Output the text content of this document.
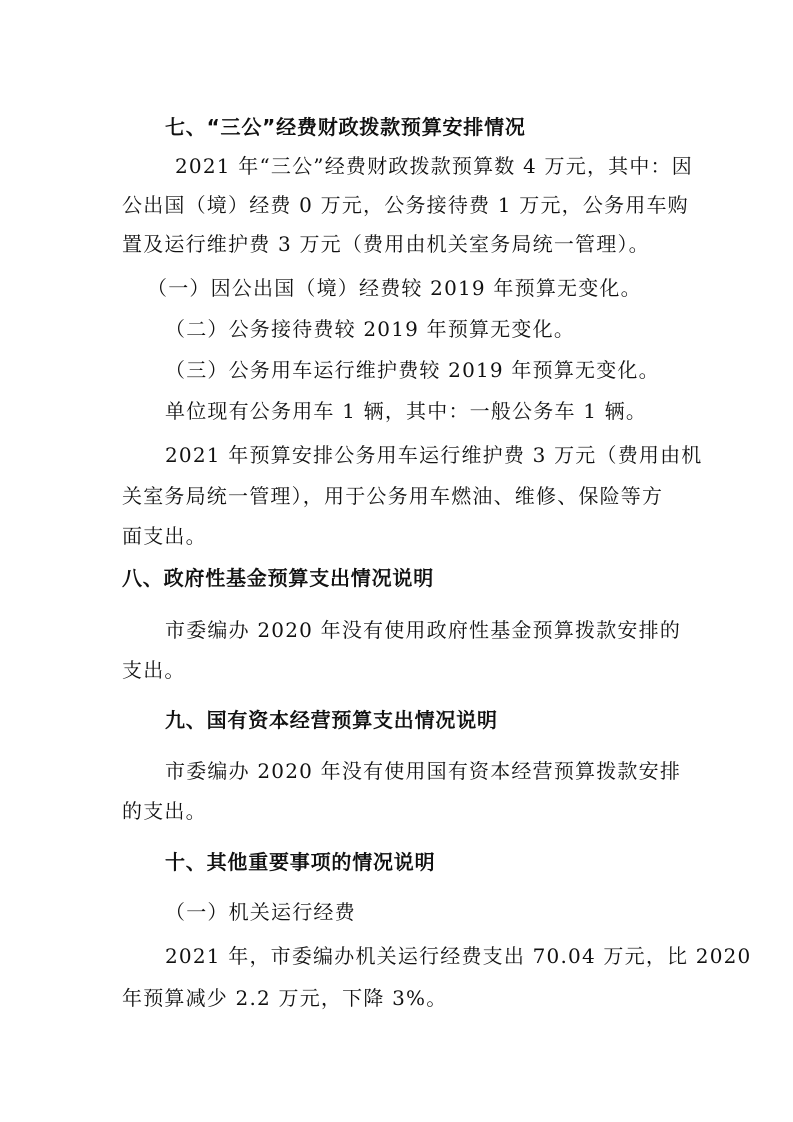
七、“三公”经费财政拨款预算安排情况
2021 年“三公”经费财政拨款预算数 4 万元，其中：因
公出国（境）经费 0 万元，公务接待费 1 万元，公务用车购
置及运行维护费 3 万元（费用由机关室务局统一管理）。
（一）因公出国（境）经费较 2019 年预算无变化。
（二）公务接待费较 2019 年预算无变化。
（三）公务用车运行维护费较 2019 年预算无变化。
单位现有公务用车 1 辆，其中：一般公务车 1 辆。
2021 年预算安排公务用车运行维护费 3 万元（费用由机
关室务局统一管理），用于公务用车燃油、维修、保险等方
面支出。
八、政府性基金预算支出情况说明
市委编办 2020 年没有使用政府性基金预算拨款安排的
支出。
九、国有资本经营预算支出情况说明
市委编办 2020 年没有使用国有资本经营预算拨款安排
的支出。
十、其他重要事项的情况说明
（一）机关运行经费
2021 年，市委编办机关运行经费支出 70.04 万元，比 2020
年预算减少 2.2 万元，下降 3%。
